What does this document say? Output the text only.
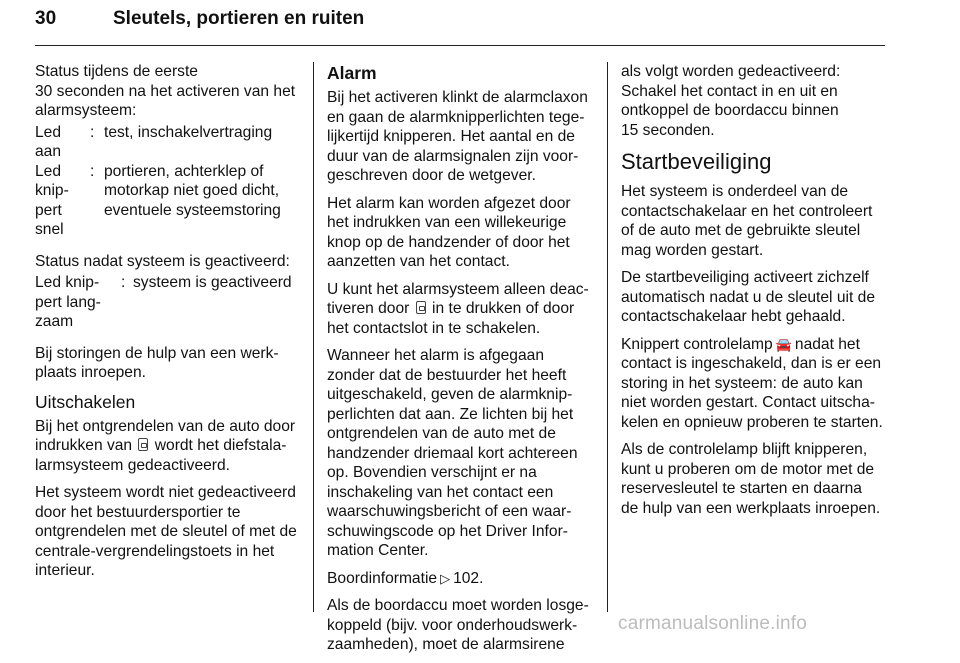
30	Sleutels, portieren en ruiten

Status tijdens de eerste
30 seconden na het activeren van het
alarmsysteem:

Led
aan
: test, inschakelvertraging
Led
knip-
pert
snel
: portieren, achterklep of
motorkap niet goed dicht,
eventuele systeemstoring

Status nadat systeem is geactiveerd:

Led knip-
pert lang-
zaam
: systeem is geactiveerd

Bij storingen de hulp van een werk-
plaats inroepen.

Uitschakelen

Bij het ontgrendelen van de auto door
indrukken van  wordt het diefstala-
larmsysteem gedeactiveerd.

Het systeem wordt niet gedeactiveerd
door het bestuurdersportier te
ontgrendelen met de sleutel of met de
centrale-vergrendelingstoets in het
interieur.

Alarm

Bij het activeren klinkt de alarmclaxon
en gaan de alarmknipperlichten tege-
lijkertijd knipperen. Het aantal en de
duur van de alarmsignalen zijn voor-
geschreven door de wetgever.

Het alarm kan worden afgezet door
het indrukken van een willekeurige
knop op de handzender of door het
aanzetten van het contact.

U kunt het alarmsysteem alleen deac-
tiveren door  in te drukken of door
het contactslot in te schakelen.

Wanneer het alarm is afgegaan
zonder dat de bestuurder het heeft
uitgeschakeld, geven de alarmknip-
perlichten dat aan. Ze lichten bij het
ontgrendelen van de auto met de
handzender driemaal kort achtereen
op. Bovendien verschijnt er na
inschakeling van het contact een
waarschuwingsbericht of een waar-
schuwingscode op het Driver Infor-
mation Center.

Boordinformatie ▷ 102.

Als de boordaccu moet worden losge-
koppeld (bijv. voor onderhoudswerk-
zaamheden), moet de alarmsirene

als volgt worden gedeactiveerd:
Schakel het contact in en uit en
ontkoppel de boordaccu binnen
15 seconden.

Startbeveiliging

Het systeem is onderdeel van de
contactschakelaar en het controleert
of de auto met de gebruikte sleutel
mag worden gestart.

De startbeveiliging activeert zichzelf
automatisch nadat u de sleutel uit de
contactschakelaar hebt gehaald.

Knippert controlelamp 🚘 nadat het
contact is ingeschakeld, dan is er een
storing in het systeem: de auto kan
niet worden gestart. Contact uitscha-
kelen en opnieuw proberen te starten.

Als de controlelamp blijft knipperen,
kunt u proberen om de motor met de
reservesleutel te starten en daarna
de hulp van een werkplaats inroepen.

carmanualsonline.info
